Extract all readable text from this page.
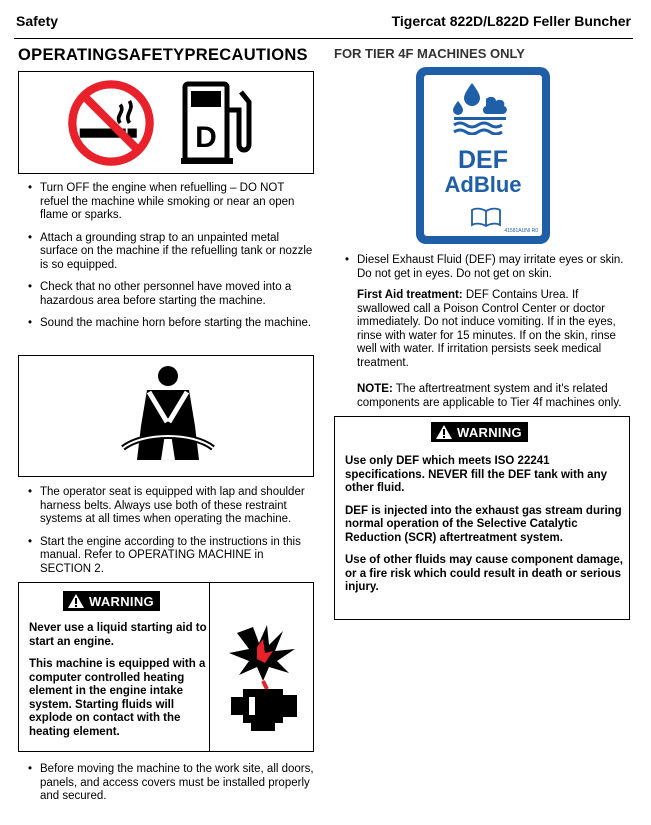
Safety	Tigercat 822D/L822D Feller Buncher
OPERATINGSAFETYPRECAUTIONS
D
• Turn OFF the engine when refuelling – DO NOT refuel the machine while smoking or near an open flame or sparks.
• Attach a grounding strap to an unpainted metal surface on the machine if the refuelling tank or nozzle is so equipped.
• Check that no other personnel have moved into a hazardous area before starting the machine.
• Sound the machine horn before starting the machine.
• The operator seat is equipped with lap and shoulder harness belts. Always use both of these restraint systems at all times when operating the machine.
• Start the engine according to the instructions in this manual. Refer to OPERATING MACHINE in SECTION 2.
WARNING

Never use a liquid starting aid to start an engine.

This machine is equipped with a computer controlled heating element in the engine intake system. Starting fluids will explode on contact with the heating element.

• Before moving the machine to the work site, all doors, panels, and access covers must be installed properly and secured.
FOR TIER 4F MACHINES ONLY
DEF
AdBlue
41581AUNI R0
• Diesel Exhaust Fluid (DEF) may irritate eyes or skin. Do not get in eyes. Do not get on skin.
First Aid treatment: DEF Contains Urea. If swallowed call a Poison Control Center or doctor immediately. Do not induce vomiting. If in the eyes, rinse with water for 15 minutes. If on the skin, rinse well with water. If irritation persists seek medical treatment.
NOTE: The aftertreatment system and it's related components are applicable to Tier 4f machines only.
WARNING

Use only DEF which meets ISO 22241 specifications. NEVER fill the DEF tank with any other fluid.

DEF is injected into the exhaust gas stream during normal operation of the Selective Catalytic Reduction (SCR) aftertreatment system.

Use of other fluids may cause component damage, or a fire risk which could result in death or serious injury.
